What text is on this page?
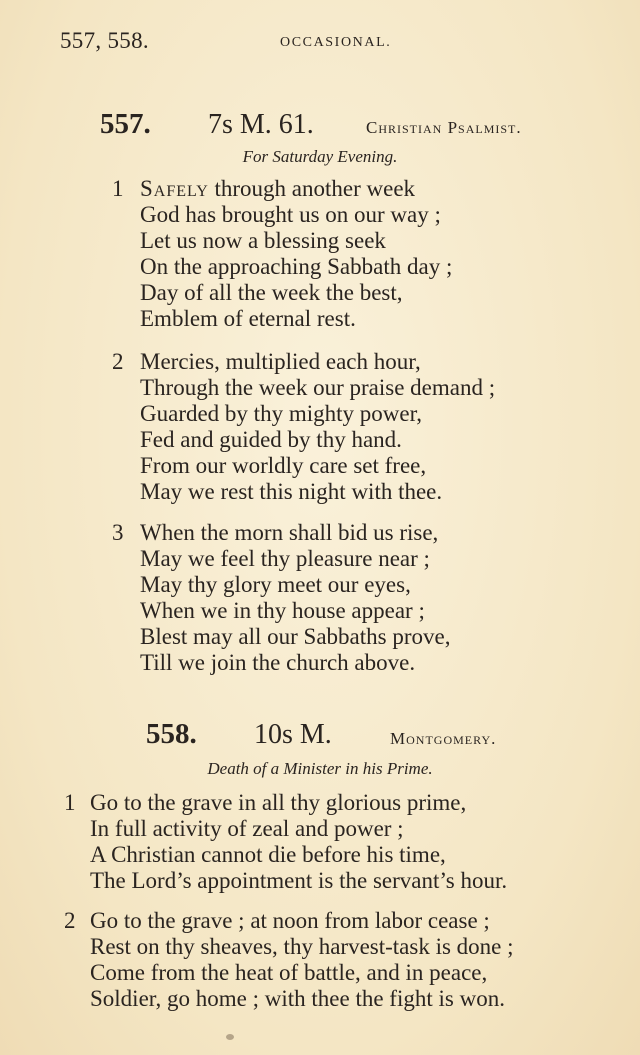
557, 558.	OCCASIONAL.
557. 7s M. 61.	Christian Psalmist.
For Saturday Evening.
1 Safely through another week
God has brought us on our way ;
Let us now a blessing seek
On the approaching Sabbath day ;
Day of all the week the best,
Emblem of eternal rest.
2 Mercies, multiplied each hour,
Through the week our praise demand ;
Guarded by thy mighty power,
Fed and guided by thy hand.
From our worldly care set free,
May we rest this night with thee.
3 When the morn shall bid us rise,
May we feel thy pleasure near ;
May thy glory meet our eyes,
When we in thy house appear ;
Blest may all our Sabbaths prove,
Till we join the church above.
558. 10s M.	Montgomery.
Death of a Minister in his Prime.
1 Go to the grave in all thy glorious prime,
In full activity of zeal and power ;
A Christian cannot die before his time,
The Lord’s appointment is the servant’s hour.
2 Go to the grave ; at noon from labor cease ;
Rest on thy sheaves, thy harvest-task is done ;
Come from the heat of battle, and in peace,
Soldier, go home ; with thee the fight is won.
